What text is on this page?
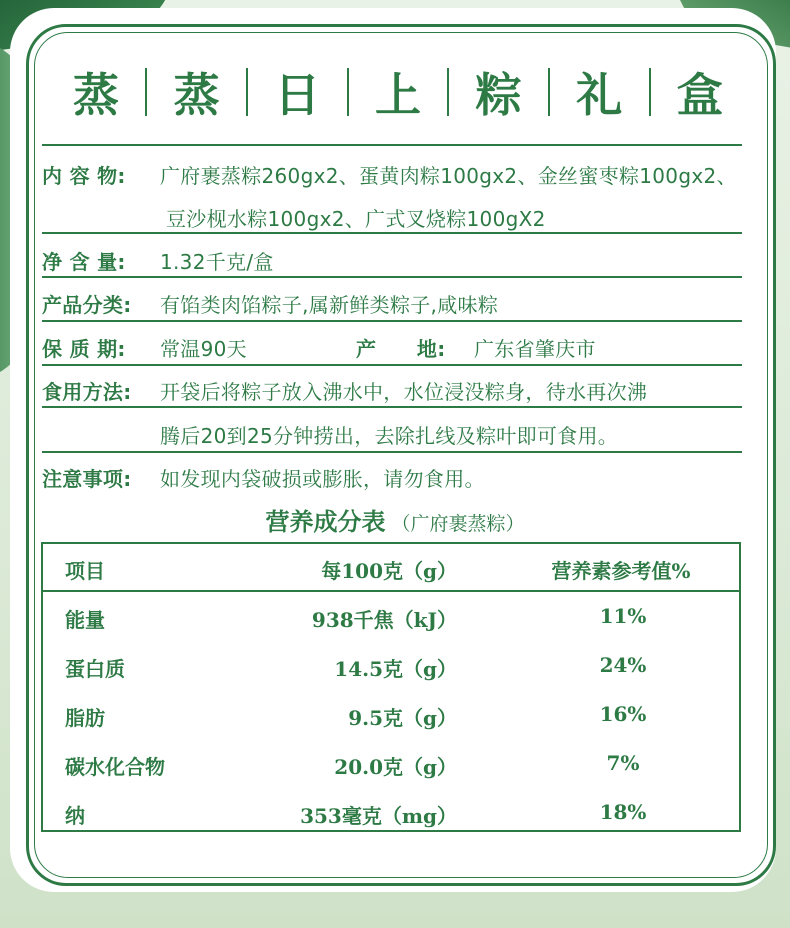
蒸 蒸 日 上 粽 礼 盒
内 容 物: 广府裹蒸粽260gx2、蛋黄肉粽100gx2、金丝蜜枣粽100gx2、
豆沙枧水粽100gx2、广式叉烧粽100gX2
净 含 量: 1.32千克/盒
产品分类: 有馅类肉馅粽子,属新鲜类粽子,咸味粽
保 质 期: 常温90天	产　　地: 广东省肇庆市
食用方法: 开袋后将粽子放入沸水中，水位浸没粽身，待水再次沸
腾后20到25分钟捞出，去除扎线及粽叶即可食用。
注意事项: 如发现内袋破损或膨胀，请勿食用。
营养成分表 （广府裹蒸粽）
项目	每100克（g）	营养素参考值%
能量	938千焦（kJ）	11%
蛋白质	14.5克（g）	24%
脂肪	9.5克（g）	16%
碳水化合物	20.0克（g）	7%
纳	353毫克（mg）	18%
